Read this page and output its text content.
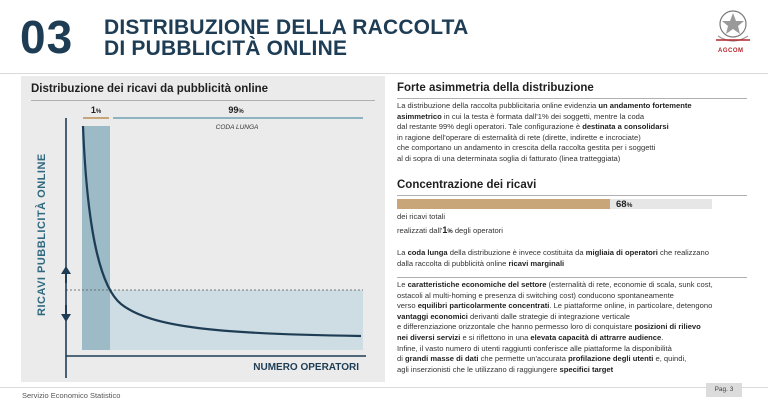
03 DISTRIBUZIONE DELLA RACCOLTA
DI PUBBLICITÀ ONLINE	AGCOM
Distribuzione dei ricavi da pubblicità online
RICAVI PUBBLICITÀ ONLINE
NUMERO OPERATORI
1%	99%
CODA LUNGA
Forte asimmetria della distribuzione
La distribuzione della raccolta pubblicitaria online evidenzia un andamento fortemente
asimmetrico in cui la testa è formata dall'1% dei soggetti, mentre la coda
dal restante 99% degli operatori. Tale configurazione è destinata a consolidarsi
in ragione dell'operare di esternalità di rete (dirette, indirette e incrociate)
che comportano un andamento in crescita della raccolta gestita per i soggetti
al di sopra di una determinata soglia di fatturato (linea tratteggiata)
Concentrazione dei ricavi
68%
dei ricavi totali
realizzati dall'1% degli operatori
La coda lunga della distribuzione è invece costituita da migliaia di operatori che realizzano
dalla raccolta di pubblicità online ricavi marginali
Le caratteristiche economiche del settore (esternalità di rete, economie di scala, sunk cost,
ostacoli al multi-homing e presenza di switching cost) conducono spontaneamente
verso equilibri particolarmente concentrati. Le piattaforme online, in particolare, detengono
vantaggi economici derivanti dalle strategie di integrazione verticale
e differenziazione orizzontale che hanno permesso loro di conquistare posizioni di rilievo
nei diversi servizi e si riflettono in una elevata capacità di attrarre audience.
Infine, il vasto numero di utenti raggiunti conferisce alle piattaforme la disponibilità
di grandi masse di dati che permette un'accurata profilazione degli utenti e, quindi,
agli inserzionisti che le utilizzano di raggiungere specifici target
Servizio Economico Statistico
Pag. 3
